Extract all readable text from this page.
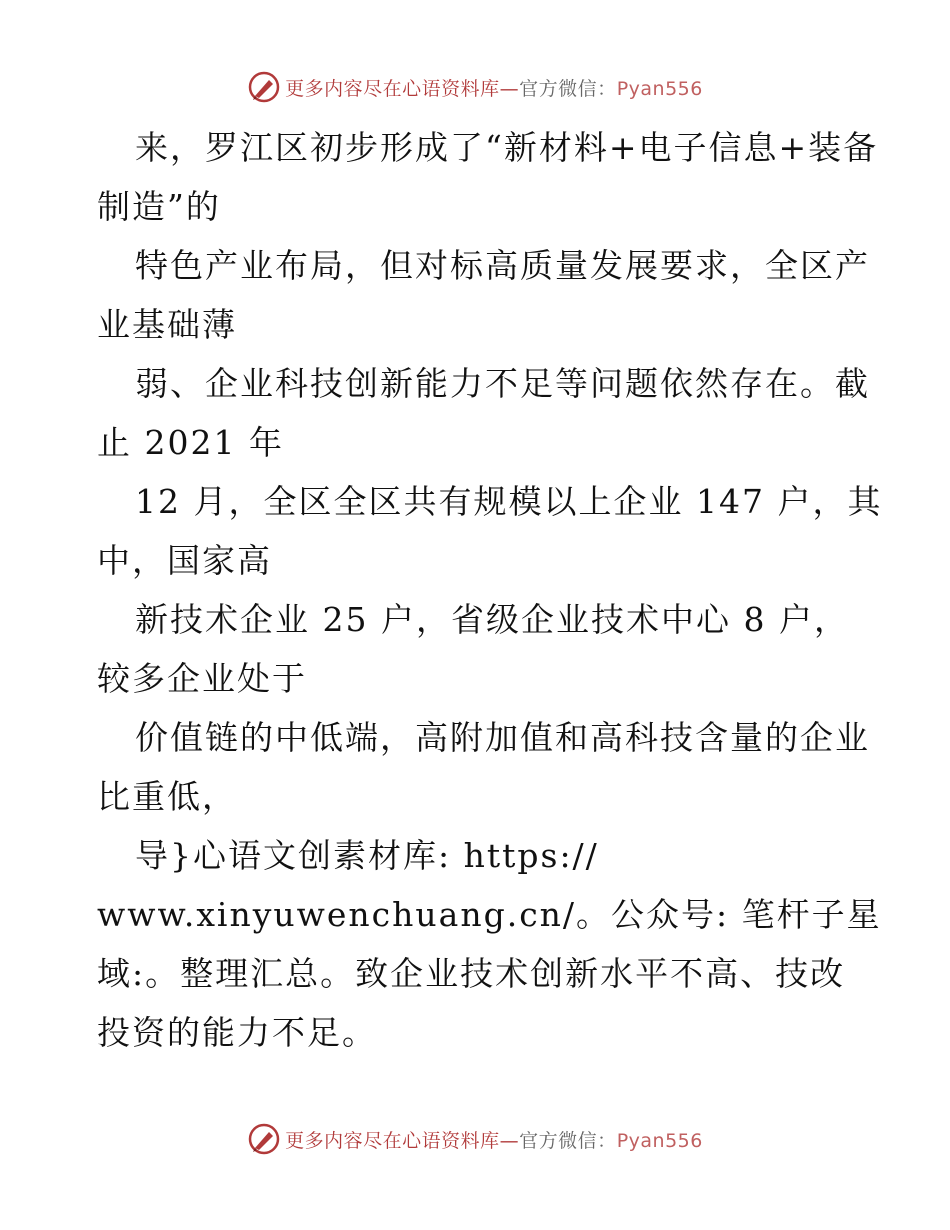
更多内容尽在心语资料库—官方微信：Pyan556
来，罗江区初步形成了“新材料+电子信息+装备
制造”的
特色产业布局，但对标高质量发展要求，全区产
业基础薄
弱、企业科技创新能力不足等问题依然存在。截
止 2021 年
12 月，全区全区共有规模以上企业 147 户，其
中，国家高
新技术企业 25 户，省级企业技术中心 8 户，
较多企业处于
价值链的中低端，高附加值和高科技含量的企业
比重低，
导}心语文创素材库: https://
www.xinyuwenchuang.cn/。公众号: 笔杆子星
域:。整理汇总。致企业技术创新水平不高、技改
投资的能力不足。
更多内容尽在心语资料库—官方微信：Pyan556
